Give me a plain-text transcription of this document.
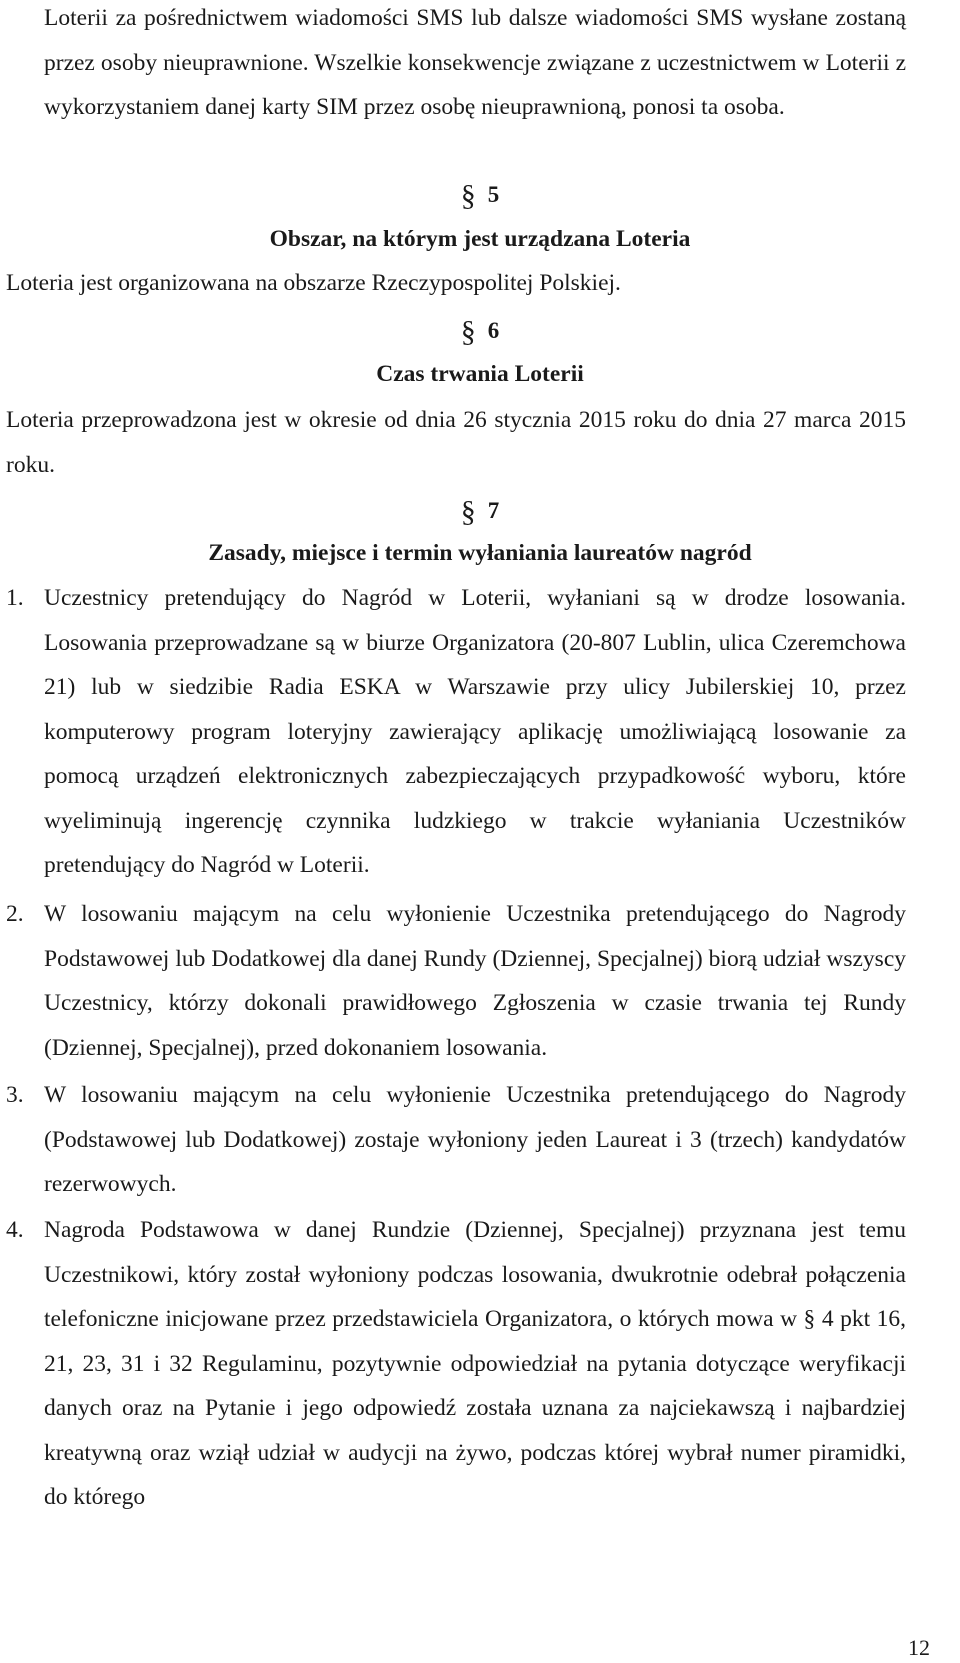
Loterii za pośrednictwem wiadomości SMS lub dalsze wiadomości SMS wysłane zostaną przez osoby nieuprawnione. Wszelkie konsekwencje związane z uczestnictwem w Loterii z wykorzystaniem danej karty SIM przez osobę nieuprawnioną, ponosi ta osoba.

§ 5

Obszar, na którym jest urządzana Loteria

Loteria jest organizowana na obszarze Rzeczypospolitej Polskiej.

§ 6

Czas trwania Loterii

Loteria przeprowadzona jest w okresie od dnia 26 stycznia 2015 roku do dnia 27 marca 2015 roku.

§ 7

Zasady, miejsce i termin wyłaniania laureatów nagród

1. Uczestnicy pretendujący do Nagród w Loterii, wyłaniani są w drodze losowania. Losowania przeprowadzane są w biurze Organizatora (20-807 Lublin, ulica Czeremchowa 21) lub w siedzibie Radia ESKA w Warszawie przy ulicy Jubilerskiej 10, przez komputerowy program loteryjny zawierający aplikację umożliwiającą losowanie za pomocą urządzeń elektronicznych zabezpieczających przypadkowość wyboru, które wyeliminują ingerencję czynnika ludzkiego w trakcie wyłaniania Uczestników pretendujący do Nagród w Loterii.
2. W losowaniu mającym na celu wyłonienie Uczestnika pretendującego do Nagrody Podstawowej lub Dodatkowej dla danej Rundy (Dziennej, Specjalnej) biorą udział wszyscy Uczestnicy, którzy dokonali prawidłowego Zgłoszenia w czasie trwania tej Rundy (Dziennej, Specjalnej), przed dokonaniem losowania.
3. W losowaniu mającym na celu wyłonienie Uczestnika pretendującego do Nagrody (Podstawowej lub Dodatkowej) zostaje wyłoniony jeden Laureat i 3 (trzech) kandydatów rezerwowych.
4. Nagroda Podstawowa w danej Rundzie (Dziennej, Specjalnej) przyznana jest temu Uczestnikowi, który został wyłoniony podczas losowania, dwukrotnie odebrał połączenia telefoniczne inicjowane przez przedstawiciela Organizatora, o których mowa w § 4 pkt 16, 21, 23, 31 i 32 Regulaminu, pozytywnie odpowiedział na pytania dotyczące weryfikacji danych oraz na Pytanie i jego odpowiedź została uznana za najciekawszą i najbardziej kreatywną oraz wziął udział w audycji na żywo, podczas której wybrał numer piramidki, do którego

12
